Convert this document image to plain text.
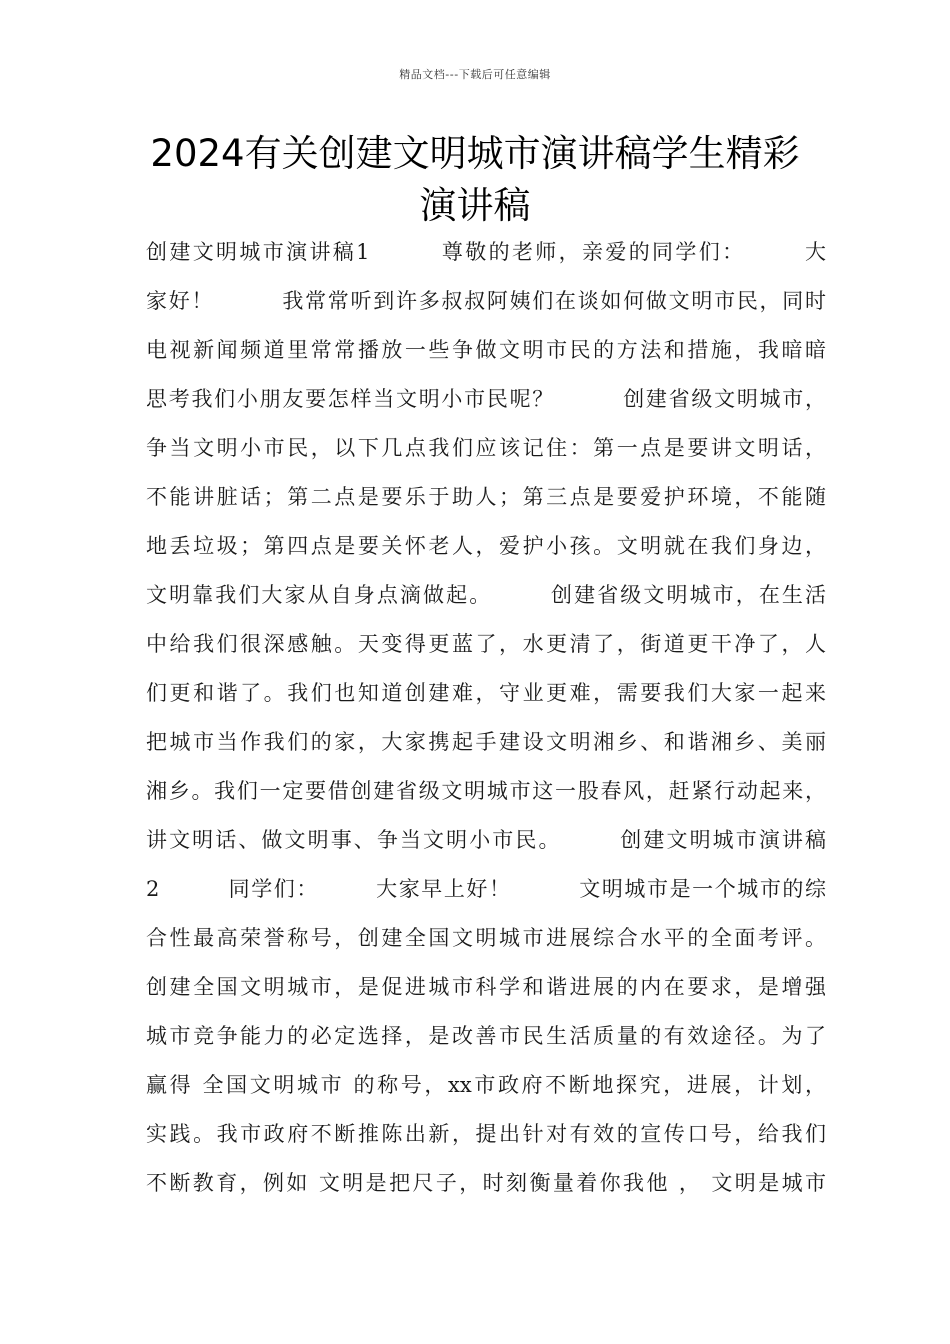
精品文档---下载后可任意编辑
2024有关创建文明城市演讲稿学生精彩
演讲稿
创建文明城市演讲稿1　　　尊敬的老师，亲爱的同学们：　　　大
家好！　　　我常常听到许多叔叔阿姨们在谈如何做文明市民，同时
电视新闻频道里常常播放一些争做文明市民的方法和措施，我暗暗
思考我们小朋友要怎样当文明小市民呢？　　　创建省级文明城市，
争当文明小市民，以下几点我们应该记住：第一点是要讲文明话，
不能讲脏话；第二点是要乐于助人；第三点是要爱护环境，不能随
地丢垃圾；第四点是要关怀老人，爱护小孩。文明就在我们身边，
文明靠我们大家从自身点滴做起。　　　创建省级文明城市，在生活
中给我们很深感触。天变得更蓝了，水更清了，街道更干净了，人
们更和谐了。我们也知道创建难，守业更难，需要我们大家一起来
把城市当作我们的家，大家携起手建设文明湘乡、和谐湘乡、美丽
湘乡。我们一定要借创建省级文明城市这一股春风，赶紧行动起来，
讲文明话、做文明事、争当文明小市民。　　　创建文明城市演讲稿
2　　　同学们：　　　大家早上好！　　　文明城市是一个城市的综
合性最高荣誉称号，创建全国文明城市进展综合水平的全面考评。
创建全国文明城市，是促进城市科学和谐进展的内在要求，是增强
城市竞争能力的必定选择，是改善市民生活质量的有效途径。为了
赢得 全国文明城市 的称号，xx市政府不断地探究，进展，计划，
实践。我市政府不断推陈出新，提出针对有效的宣传口号，给我们
不断教育，例如 文明是把尺子，时刻衡量着你我他 ， 文明是城市
